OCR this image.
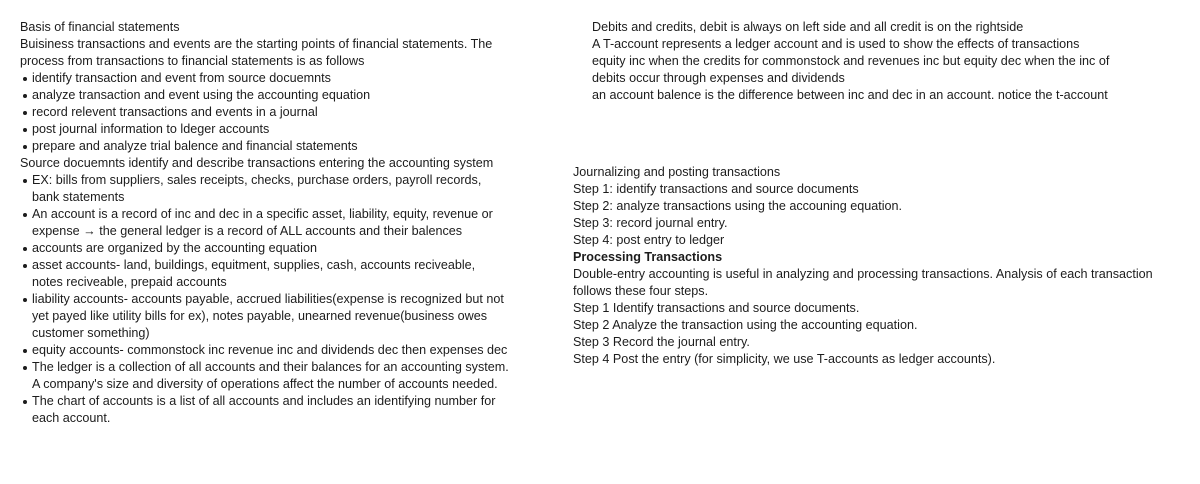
Basis of financial statements
Buisiness transactions and events are the starting points of financial statements. The
process from transactions to financial statements is as follows
identify transaction and event from source docuemnts
analyze transaction and event using the accounting equation
record relevent transactions and events in a journal
post journal information to ldeger accounts
prepare and analyze trial balence and financial statements
Source docuemnts identify and describe transactions entering the accounting system
EX: bills from suppliers, sales receipts, checks, purchase orders, payroll records, bank statements
An account is a record of inc and dec in a specific asset, liability, equity, revenue or expense → the general ledger is a record of ALL accounts and their balences
accounts are organized by the accounting equation
asset accounts- land, buildings, equitment, supplies, cash, accounts reciveable, notes reciveable, prepaid accounts
liability accounts- accounts payable, accrued liabilities(expense is recognized but not yet payed like utility bills for ex), notes payable, unearned revenue(business owes customer something)
equity accounts- commonstock inc revenue inc and dividends dec then expenses dec
The ledger is a collection of all accounts and their balances for an accounting system. A company's size and diversity of operations affect the number of accounts needed.
The chart of accounts is a list of all accounts and includes an identifying number for each account.
Debits and credits, debit is always on left side and all credit is on the rightside
A T-account represents a ledger account and is used to show the effects of transactions
equity inc when the credits for commonstock and revenues inc but equity dec when the inc of
debits occur through expenses and dividends
an account balence is the difference between inc and dec in an account. notice the t-account
Journalizing and posting transactions
Step 1: identify transactions and source documents
Step 2: analyze transactions using the accouning equation.
Step 3: record journal entry.
Step 4: post entry to ledger
Processing Transactions
Double-entry accounting is useful in analyzing and processing transactions. Analysis of each transaction
follows these four steps.
Step 1 Identify transactions and source documents.
Step 2 Analyze the transaction using the accounting equation.
Step 3 Record the journal entry.
Step 4 Post the entry (for simplicity, we use T-accounts as ledger accounts).
